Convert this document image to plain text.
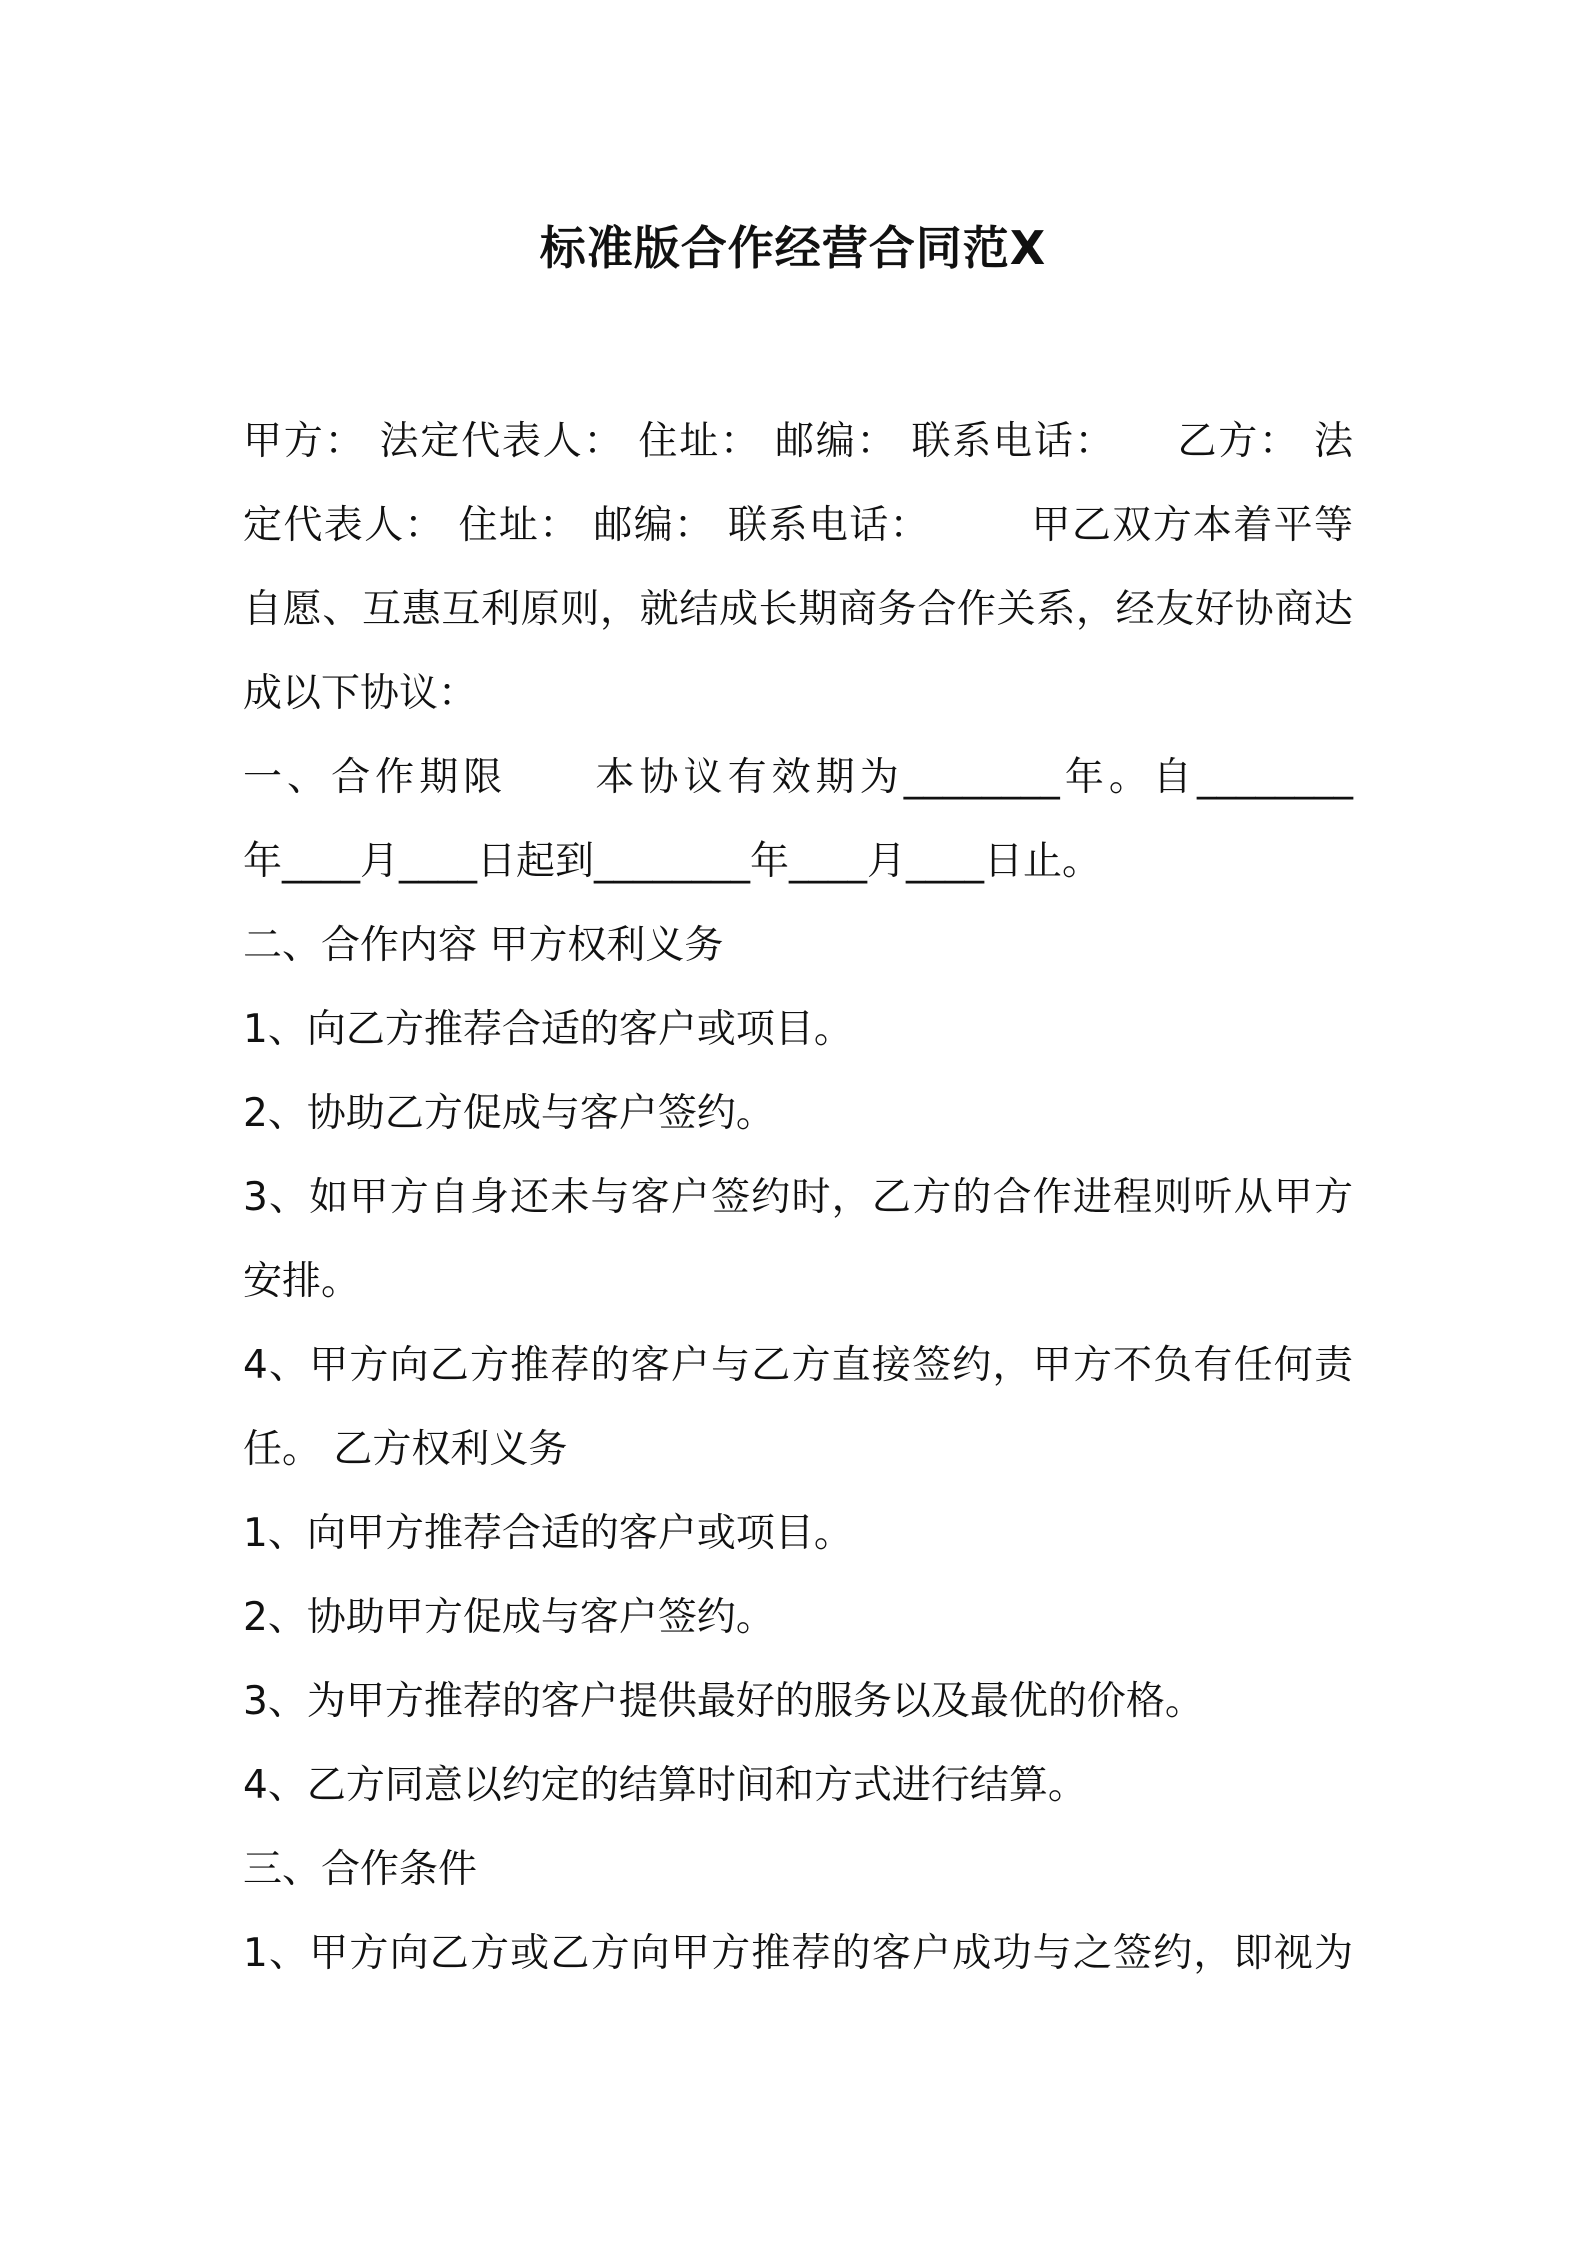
标准版合作经营合同范X
甲方： 法定代表人： 住址： 邮编： 联系电话：　　乙方： 法
定代表人： 住址： 邮编： 联系电话：　　　甲乙双方本着平等
自愿、互惠互利原则，就结成长期商务合作关系，经友好协商达
成以下协议：
一、合作期限　　本协议有效期为________年。自________
年____月____日起到________年____月____日止。
二、合作内容 甲方权利义务
1、向乙方推荐合适的客户或项目。
2、协助乙方促成与客户签约。
3、如甲方自身还未与客户签约时，乙方的合作进程则听从甲方
安排。
4、甲方向乙方推荐的客户与乙方直接签约，甲方不负有任何责
任。 乙方权利义务
1、向甲方推荐合适的客户或项目。
2、协助甲方促成与客户签约。
3、为甲方推荐的客户提供最好的服务以及最优的价格。
4、乙方同意以约定的结算时间和方式进行结算。
三、合作条件
1、甲方向乙方或乙方向甲方推荐的客户成功与之签约，即视为
